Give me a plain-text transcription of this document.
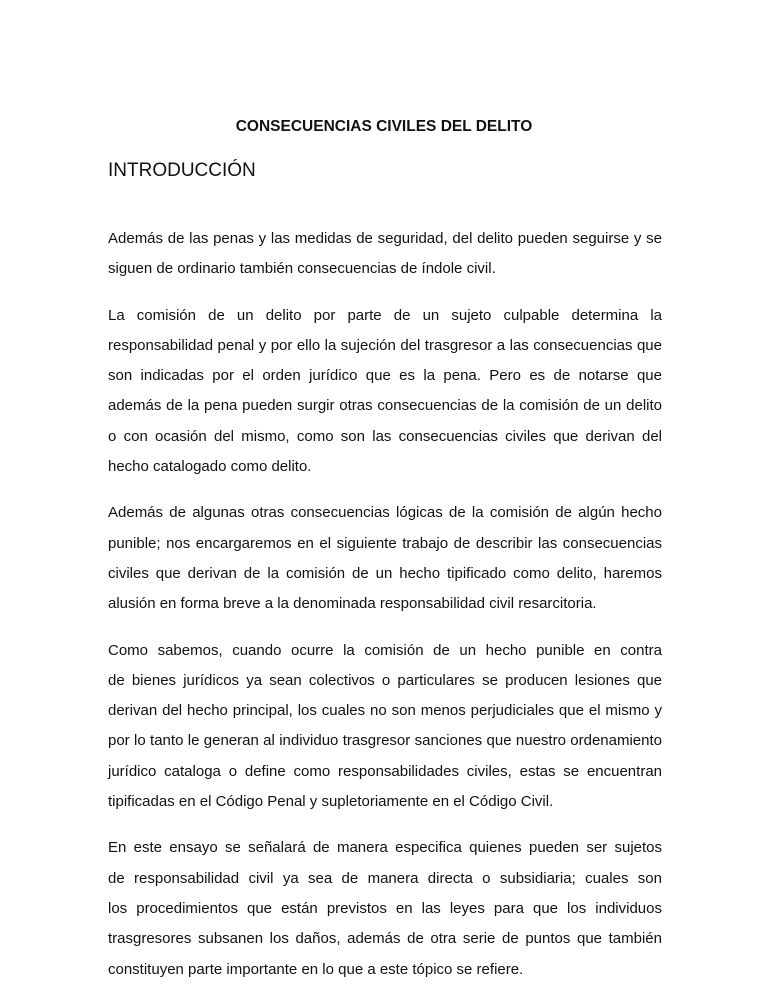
CONSECUENCIAS CIVILES DEL DELITO
INTRODUCCIÓN
Además de las penas y las medidas de seguridad, del delito pueden seguirse y se
siguen de ordinario también consecuencias de índole civil.
La comisión de un delito por parte de un sujeto culpable determina la
responsabilidad penal y por ello la sujeción del trasgresor a las consecuencias que
son indicadas por el orden jurídico que es la pena. Pero es de notarse que
además de la pena pueden surgir otras consecuencias de la comisión de un delito
o con ocasión del mismo, como son las consecuencias civiles que derivan del
hecho catalogado como delito.
Además de algunas otras consecuencias lógicas de la comisión de algún hecho
punible; nos encargaremos en el siguiente trabajo de describir las consecuencias
civiles que derivan de la comisión de un hecho tipificado como delito, haremos
alusión en forma breve a la denominada responsabilidad civil resarcitoria.
Como sabemos, cuando ocurre la comisión de un hecho punible en contra
de bienes jurídicos ya sean colectivos o particulares se producen lesiones que
derivan del hecho principal, los cuales no son menos perjudiciales que el mismo y
por lo tanto le generan al individuo trasgresor sanciones que nuestro ordenamiento
jurídico cataloga o define como responsabilidades civiles, estas se encuentran
tipificadas en el Código Penal y supletoriamente en el Código Civil.
En este ensayo se señalará de manera especifica quienes pueden ser sujetos
de responsabilidad civil ya sea de manera directa o subsidiaria; cuales son
los procedimientos que están previstos en las leyes para que los individuos
trasgresores subsanen los daños, además de otra serie de puntos que también
constituyen parte importante en lo que a este tópico se refiere.
